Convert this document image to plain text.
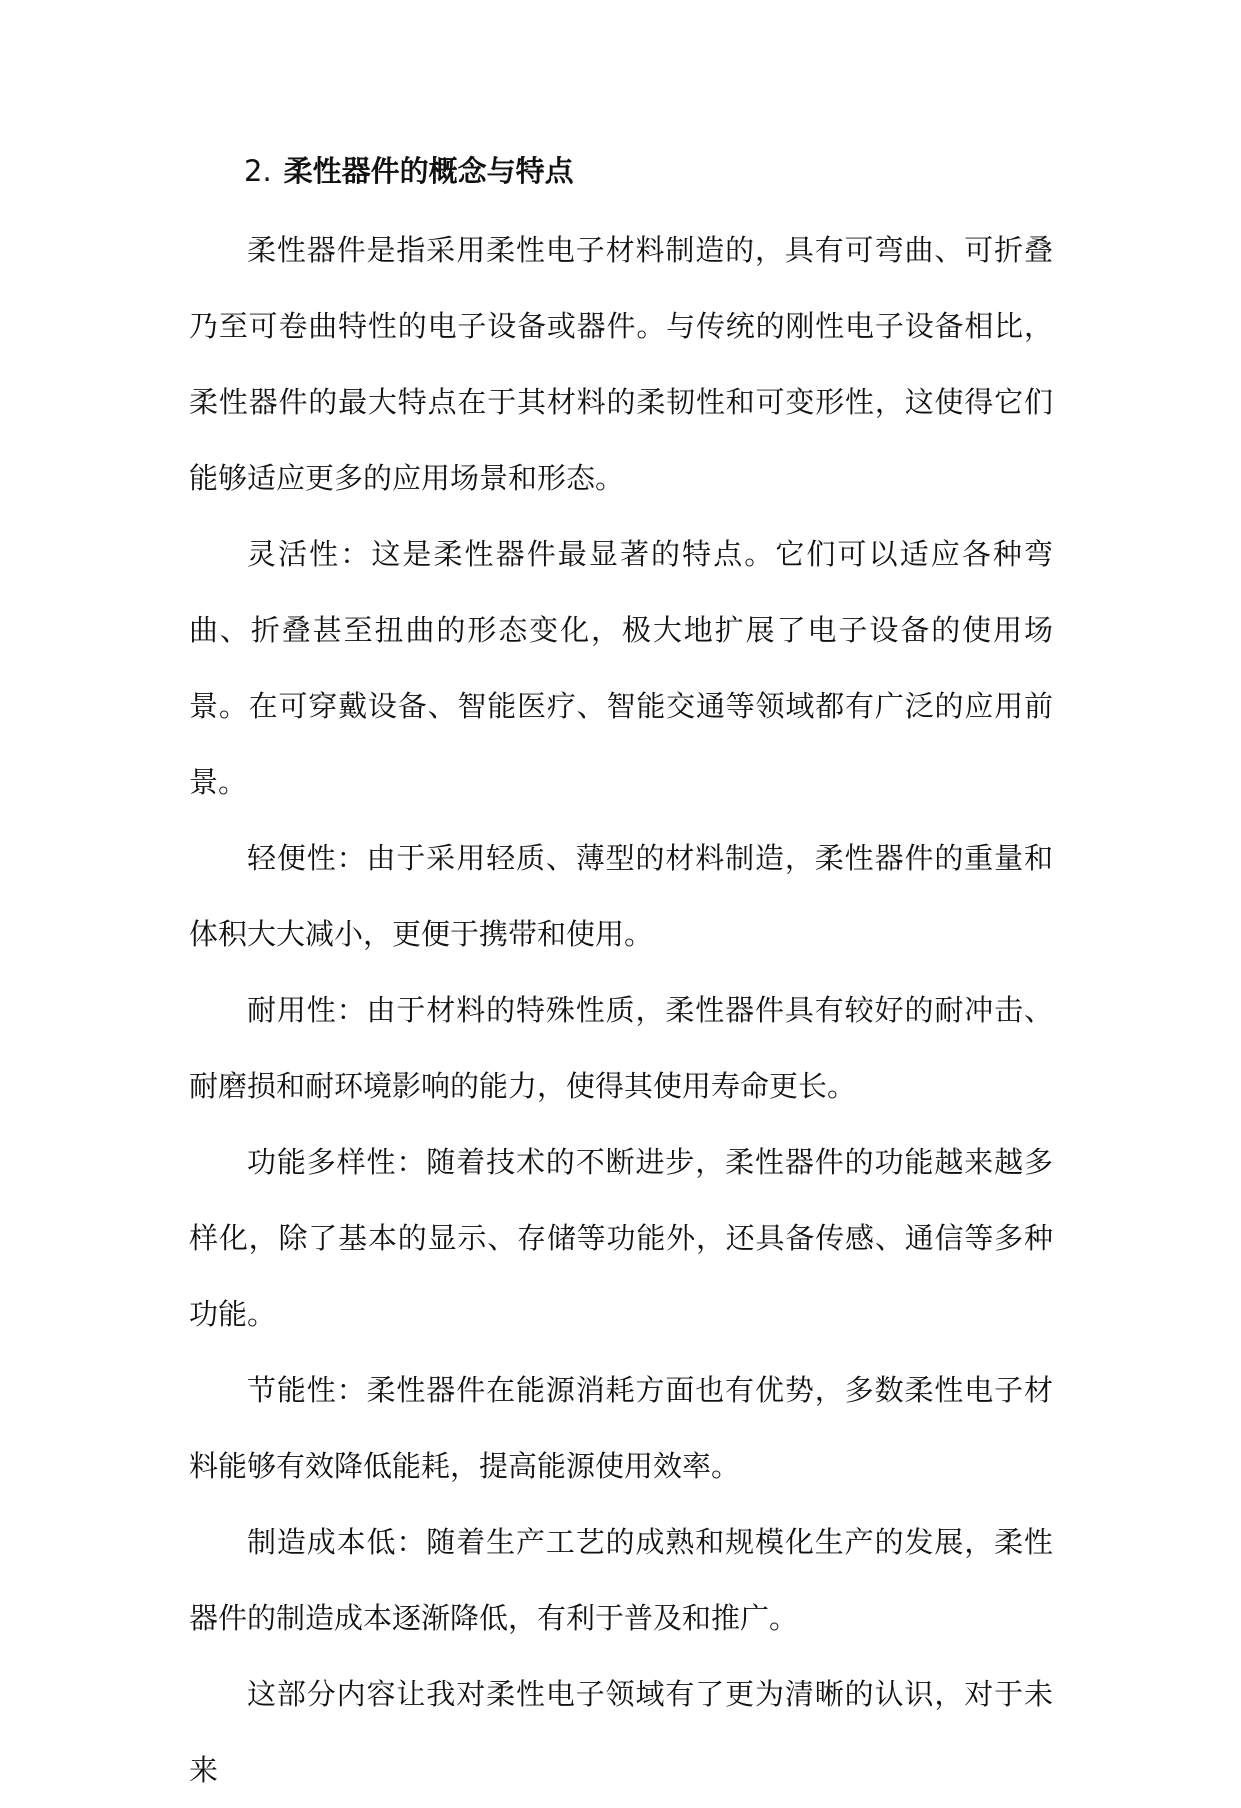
2. 柔性器件的概念与特点

柔性器件是指采用柔性电子材料制造的，具有可弯曲、可折叠乃至可卷曲特性的电子设备或器件。与传统的刚性电子设备相比，柔性器件的最大特点在于其材料的柔韧性和可变形性，这使得它们能够适应更多的应用场景和形态。

灵活性：这是柔性器件最显著的特点。它们可以适应各种弯曲、折叠甚至扭曲的形态变化，极大地扩展了电子设备的使用场景。在可穿戴设备、智能医疗、智能交通等领域都有广泛的应用前景。

轻便性：由于采用轻质、薄型的材料制造，柔性器件的重量和体积大大减小，更便于携带和使用。

耐用性：由于材料的特殊性质，柔性器件具有较好的耐冲击、耐磨损和耐环境影响的能力，使得其使用寿命更长。

功能多样性：随着技术的不断进步，柔性器件的功能越来越多样化，除了基本的显示、存储等功能外，还具备传感、通信等多种功能。

节能性：柔性器件在能源消耗方面也有优势，多数柔性电子材料能够有效降低能耗，提高能源使用效率。

制造成本低：随着生产工艺的成熟和规模化生产的发展，柔性器件的制造成本逐渐降低，有利于普及和推广。

这部分内容让我对柔性电子领域有了更为清晰的认识，对于未来
